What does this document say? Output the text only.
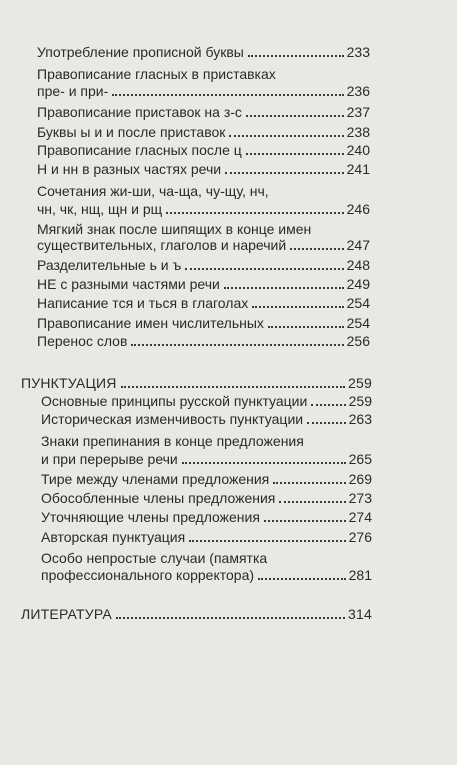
Употребление прописной буквы	233
Правописание гласных в приставках
пре- и при-	236
Правописание приставок на з-с	237
Буквы ы и и после приставок	238
Правописание гласных после ц	240
Н и нн в разных частях речи	241
Сочетания жи-ши, ча-ща, чу-щу, нч,
чн, чк, нщ, щн и рщ	246
Мягкий знак после шипящих в конце имен
существительных, глаголов и наречий	247
Разделительные ь и ъ	248
НЕ с разными частями речи	249
Написание тся и ться в глаголах	254
Правописание имен числительных	254
Перенос слов	256
ПУНКТУАЦИЯ	259
Основные принципы русской пунктуации	259
Историческая изменчивость пунктуации	263
Знаки препинания в конце предложения
и при перерыве речи	265
Тире между членами предложения	269
Обособленные члены предложения	273
Уточняющие члены предложения	274
Авторская пунктуация	276
Особо непростые случаи (памятка
профессионального корректора)	281
ЛИТЕРАТУРА	314
